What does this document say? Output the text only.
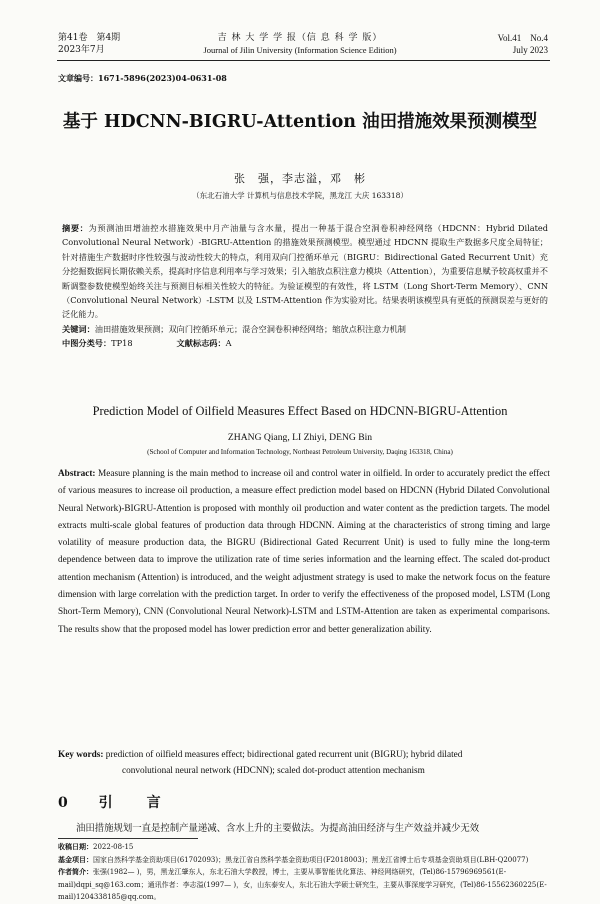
第41卷　第4期
2023年7月
吉 林 大 学 学 报（信 息 科 学 版）
Journal of Jilin University (Information Science Edition)
Vol.41　No.4
July 2023
文章编号：1671-5896(2023)04-0631-08
基于 HDCNN-BIGRU-Attention 油田措施效果预测模型
张　强，李志溢，邓　彬
（东北石油大学 计算机与信息技术学院，黑龙江 大庆 163318）

摘要：为预测油田增油控水措施效果中月产油量与含水量，提出一种基于混合空洞卷积神经网络（HDCNN：Hybrid Dilated Convolutional Neural Network）-BIGRU-Attention 的措施效果预测模型。模型通过 HDCNN 提取生产数据多尺度全局特征；针对措施生产数据时序性较强与波动性较大的特点，利用双向门控循环单元（BIGRU：Bidirectional Gated Recurrent Unit）充分挖掘数据间长期依赖关系，提高时序信息利用率与学习效果；引入缩放点积注意力模块（Attention），为重要信息赋予较高权重并不断调整参数使模型始终关注与预测目标相关性较大的特征。为验证模型的有效性，将 LSTM（Long Short-Term Memory）、CNN（Convolutional Neural Network）-LSTM 以及 LSTM-Attention 作为实验对比。结果表明该模型具有更低的预测误差与更好的泛化能力。

关键词：油田措施效果预测；双向门控循环单元；混合空洞卷积神经网络；缩放点积注意力机制

中图分类号：TP18	文献标志码：A

Prediction Model of Oilfield Measures Effect Based on HDCNN-BIGRU-Attention
ZHANG Qiang, LI Zhiyi, DENG Bin
(School of Computer and Information Technology, Northeast Petroleum University, Daqing 163318, China)
Abstract: Measure planning is the main method to increase oil and control water in oilfield. In order to accurately predict the effect of various measures to increase oil production, a measure effect prediction model based on HDCNN (Hybrid Dilated Convolutional Neural Network)-BIGRU-Attention is proposed with monthly oil production and water content as the prediction targets. The model extracts multi-scale global features of production data through HDCNN. Aiming at the characteristics of strong timing and large volatility of measure production data, the BIGRU (Bidirectional Gated Recurrent Unit) is used to fully mine the long-term dependence between data to improve the utilization rate of time series information and the learning effect. The scaled dot-product attention mechanism (Attention) is introduced, and the weight adjustment strategy is used to make the network focus on the feature dimension with large correlation with the prediction target. In order to verify the effectiveness of the proposed model, LSTM (Long Short-Term Memory), CNN (Convolutional Neural Network)-LSTM and LSTM-Attention are taken as experimental comparisons. The results show that the proposed model has lower prediction error and better generalization ability.
Key words: prediction of oilfield measures effect; bidirectional gated recurrent unit (BIGRU); hybrid dilated
convolutional neural network (HDCNN); scaled dot-product attention mechanism
0 引　言
油田措施规划一直是控制产量递减、含水上升的主要做法。为提高油田经济与生产效益并减少无效

收稿日期：2022-08-15

基金项目：国家自然科学基金资助项目(61702093)；黑龙江省自然科学基金资助项目(F2018003)；黑龙江省博士后专项基金资助项目(LBH-Q20077)

作者简介：张强(1982— )，男，黑龙江肇东人，东北石油大学教授，博士，主要从事智能优化算法、神经网络研究，(Tel)86-15796969561(E-mail)dqpi_sq@163.com；通讯作者：李志溢(1997— )，女，山东泰安人，东北石油大学硕士研究生，主要从事深度学习研究，(Tel)86-15562360225(E-mail)1204338185@qq.com。
